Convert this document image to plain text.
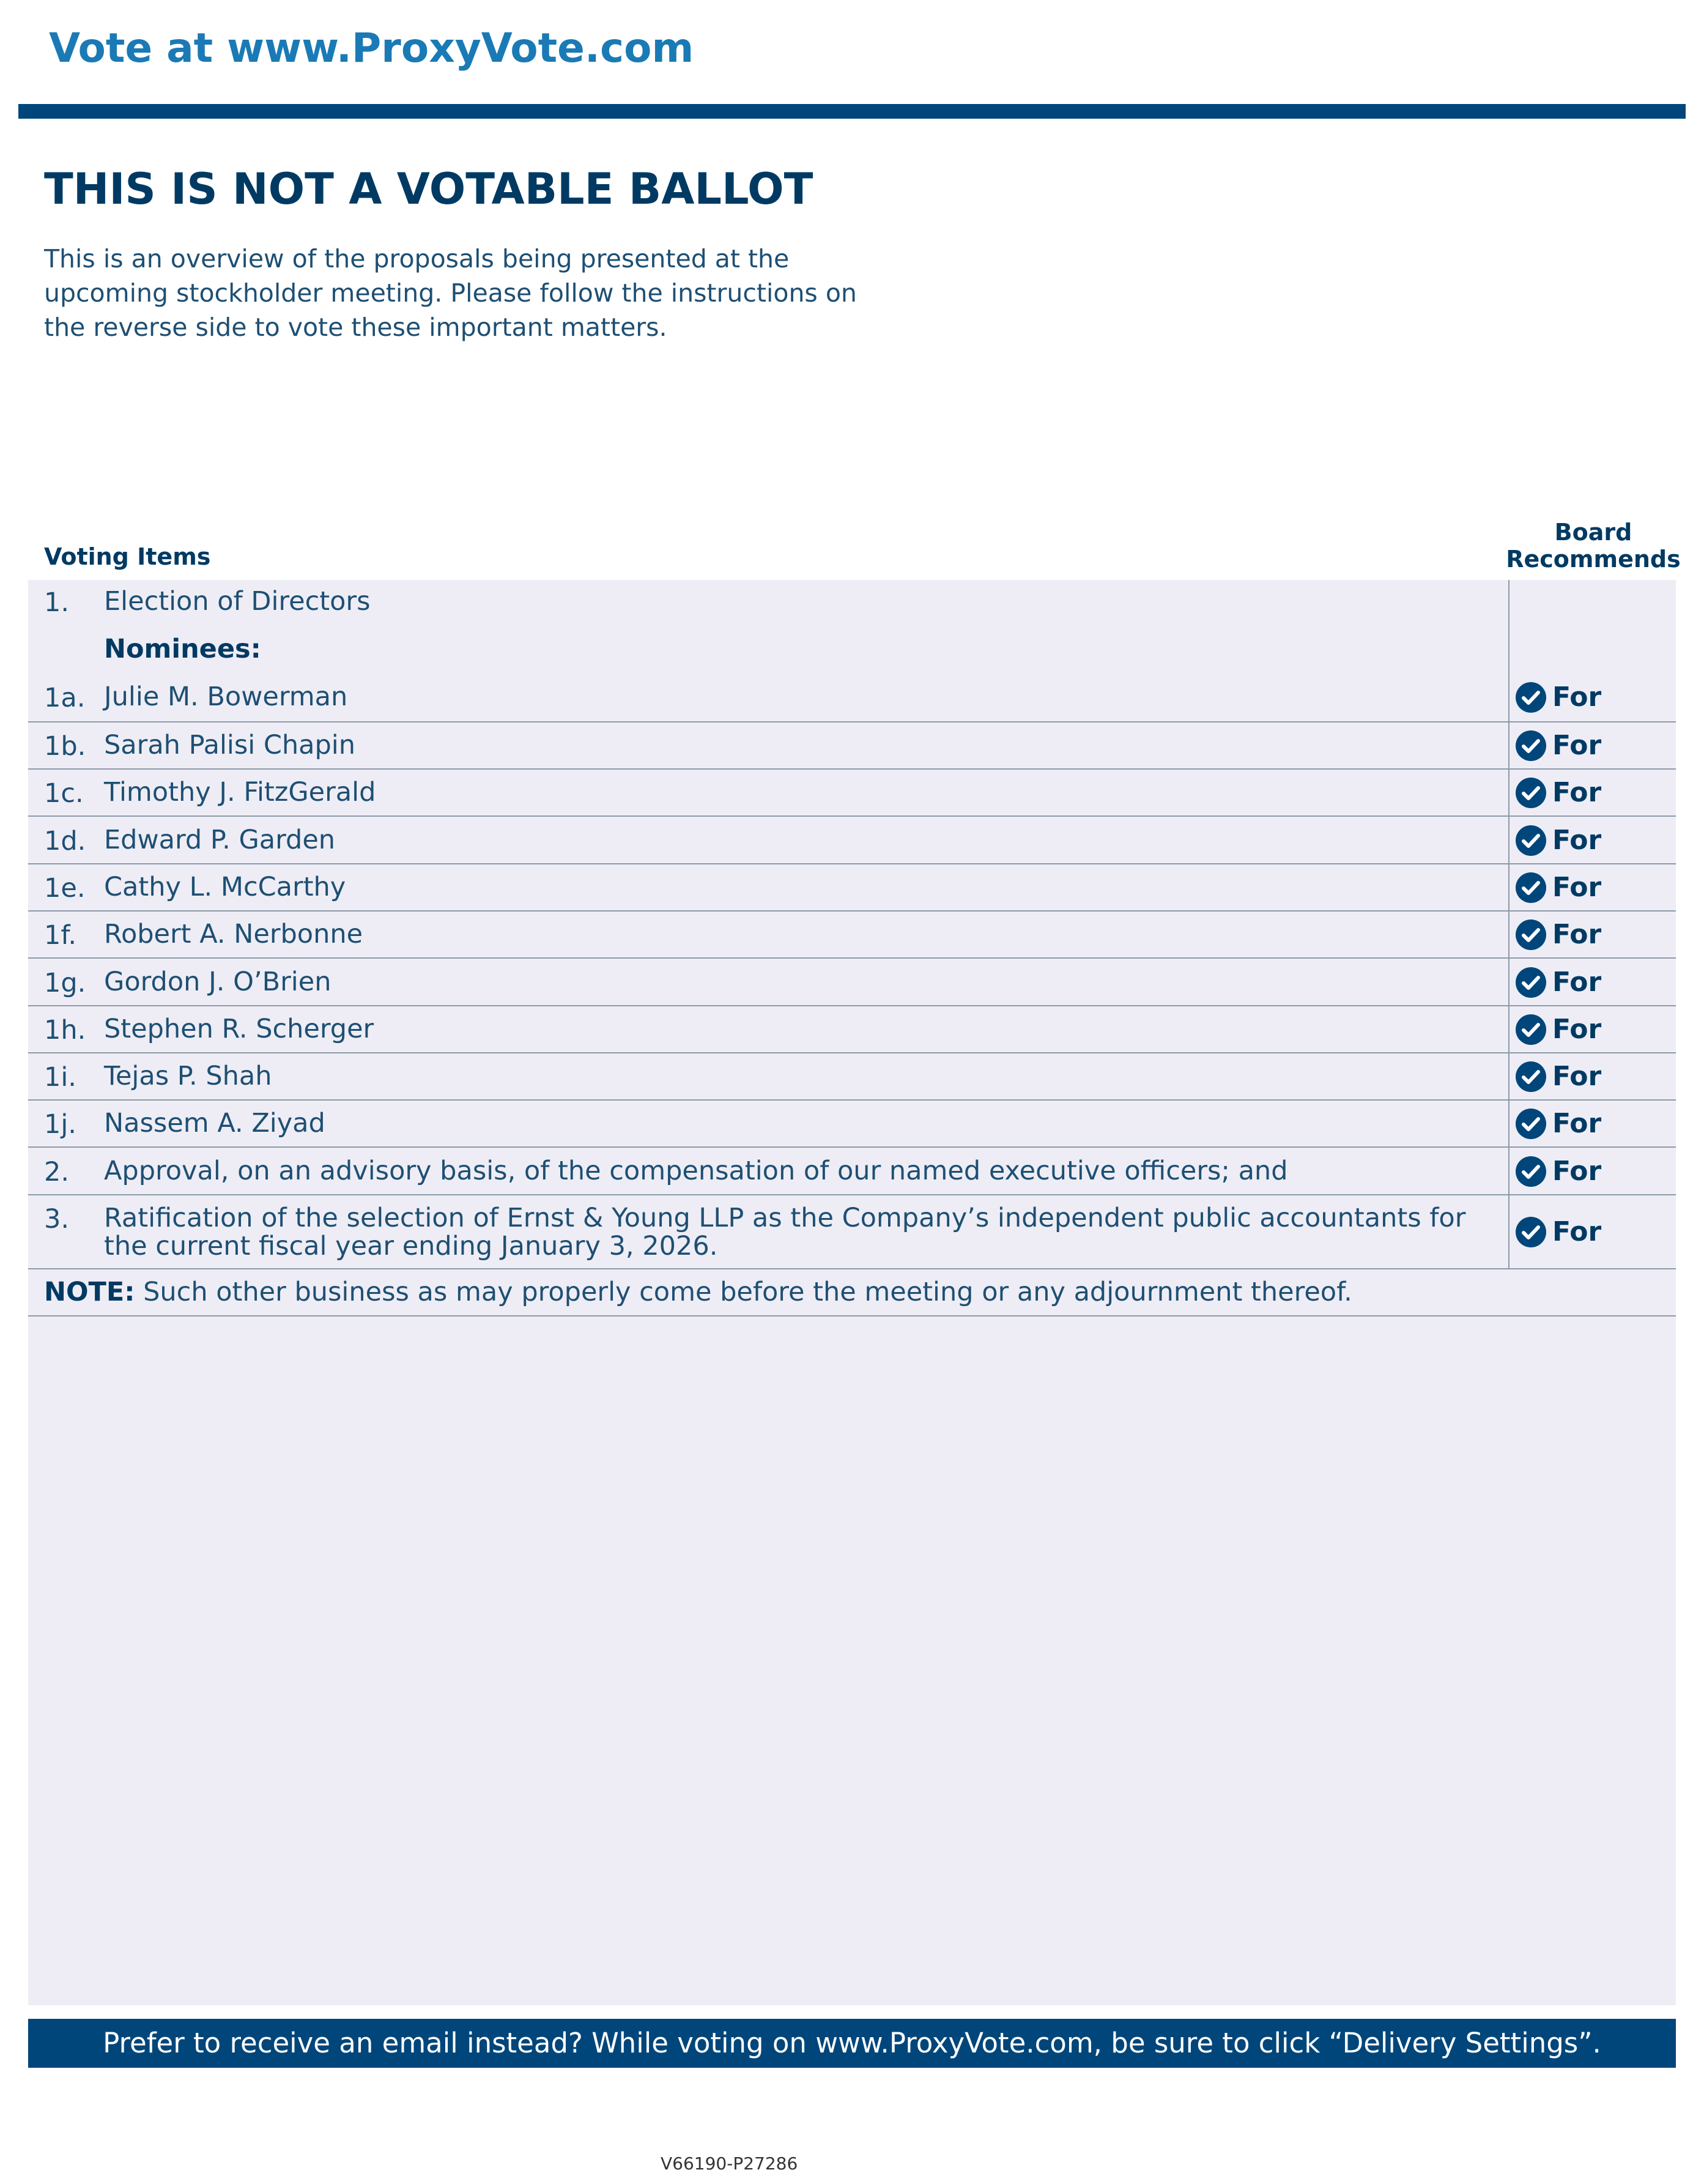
Vote at www.ProxyVote.com
THIS IS NOT A VOTABLE BALLOT
This is an overview of the proposals being presented at the upcoming stockholder meeting. Please follow the instructions on the reverse side to vote these important matters.
Voting Items
Board
Recommends
1. Election of Directors
Nominees:
1a. Julie M. Bowerman	For
1b. Sarah Palisi Chapin	For
1c. Timothy J. FitzGerald	For
1d. Edward P. Garden	For
1e. Cathy L. McCarthy	For
1f. Robert A. Nerbonne	For
1g. Gordon J. O’Brien	For
1h. Stephen R. Scherger	For
1i. Tejas P. Shah	For
1j. Nassem A. Ziyad	For
2. Approval, on an advisory basis, of the compensation of our named executive officers; and	For
3. Ratification of the selection of Ernst & Young LLP as the Company’s independent public accountants for the current fiscal year ending January 3, 2026.	For
NOTE: Such other business as may properly come before the meeting or any adjournment thereof.
Prefer to receive an email instead? While voting on www.ProxyVote.com, be sure to click “Delivery Settings”.
V66190-P27286
